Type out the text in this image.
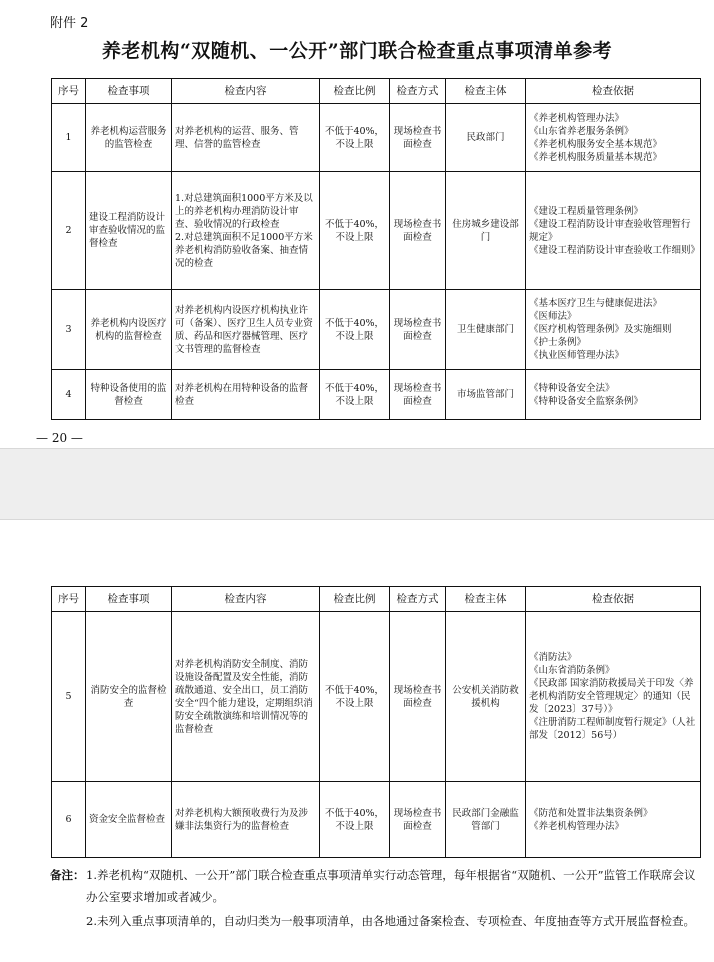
附件 2
养老机构“双随机、一公开”部门联合检查重点事项清单参考
序号	检查事项	检查内容	检查比例	检查方式	检查主体	检查依据
1	养老机构运营服务的监管检查	对养老机构的运营、服务、管理、信誉的监管检查	不低于40%，不设上限	现场检查书面检查	民政部门	《养老机构管理办法》
《山东省养老服务条例》
《养老机构服务安全基本规范》
《养老机构服务质量基本规范》

2	建设工程消防设计审查验收情况的监督检查	1.对总建筑面积1000平方米及以上的养老机构办理消防设计审查、验收情况的行政检查
2.对总建筑面积不足1000平方米养老机构消防验收备案、抽查情况的检查	不低于40%，不设上限	现场检查书面检查	住房城乡建设部门	《建设工程质量管理条例》
《建设工程消防设计审查验收管理暂行规定》
《建设工程消防设计审查验收工作细则》

3	养老机构内设医疗机构的监督检查	对养老机构内设医疗机构执业许可（备案）、医疗卫生人员专业资质、药品和医疗器械管理、医疗文书管理的监督检查	不低于40%，不设上限	现场检查书面检查	卫生健康部门	《基本医疗卫生与健康促进法》
《医师法》
《医疗机构管理条例》及实施细则
《护士条例》
《执业医师管理办法》

4	特种设备使用的监督检查	对养老机构在用特种设备的监督检查	不低于40%，不设上限	现场检查书面检查	市场监管部门	《特种设备安全法》
《特种设备安全监察条例》
— 20 —
序号	检查事项	检查内容	检查比例	检查方式	检查主体	检查依据
5	消防安全的监督检查	对养老机构消防安全制度、消防设施设备配置及安全性能，消防疏散通道、安全出口，员工消防安全“四个能力建设，定期组织消防安全疏散演练和培训情况等的监督检查	不低于40%，不设上限	现场检查书面检查	公安机关消防救援机构	《消防法》
《山东省消防条例》
《民政部 国家消防救援局关于印发〈养老机构消防安全管理规定〉的通知（民发〔2023〕37号）》
《注册消防工程师制度暂行规定》（人社部发〔2012〕56号）

6	资金安全监督检查	对养老机构大额预收费行为及涉嫌非法集资行为的监督检查	不低于40%，不设上限	现场检查书面检查	民政部门金融监管部门	《防范和处置非法集资条例》
《养老机构管理办法》
备注： 1.养老机构“双随机、一公开”部门联合检查重点事项清单实行动态管理，每年根据省“双随机、一公开”监管工作联席会议办公室要求增加或者减少。
2.未列入重点事项清单的，自动归类为一般事项清单，由各地通过备案检查、专项检查、年度抽查等方式开展监督检查。
